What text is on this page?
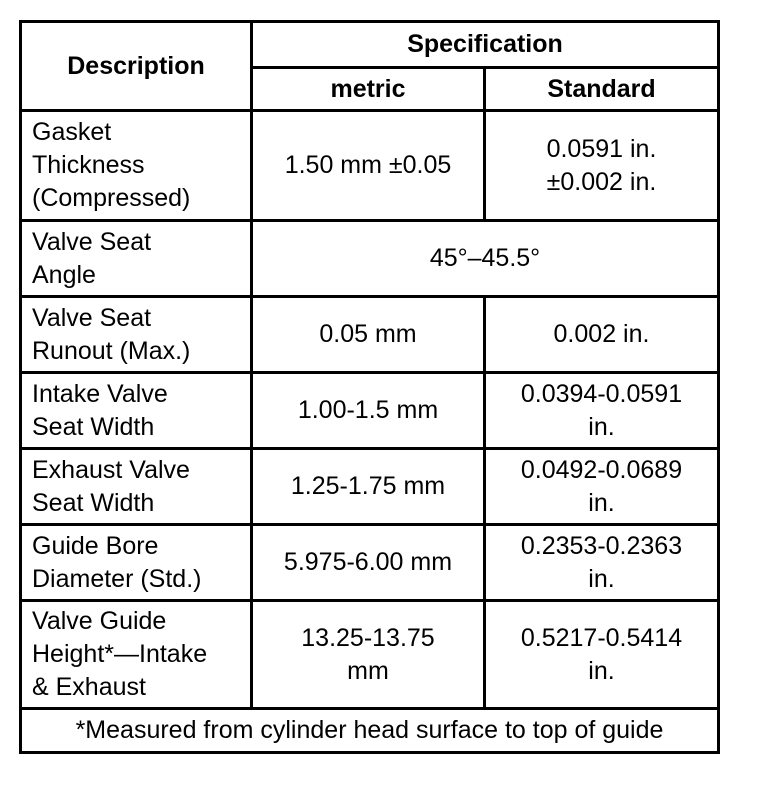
Description	Specification	
	metric	Standard

Gasket
Thickness
(Compressed)	1.50 mm ±0.05	0.0591 in.
±0.002 in.

Valve Seat
Angle	45°–45.5°	

Valve Seat
Runout (Max.)	0.05 mm	0.002 in.

Intake Valve
Seat Width	1.00-1.5 mm	0.0394-0.0591
in.

Exhaust Valve
Seat Width	1.25-1.75 mm	0.0492-0.0689
in.

Guide Bore
Diameter (Std.)	5.975-6.00 mm	0.2353-0.2363
in.

Valve Guide
Height*—Intake
& Exhaust	13.25-13.75
mm	0.5217-0.5414
in.

*Measured from cylinder head surface to top of guide		
